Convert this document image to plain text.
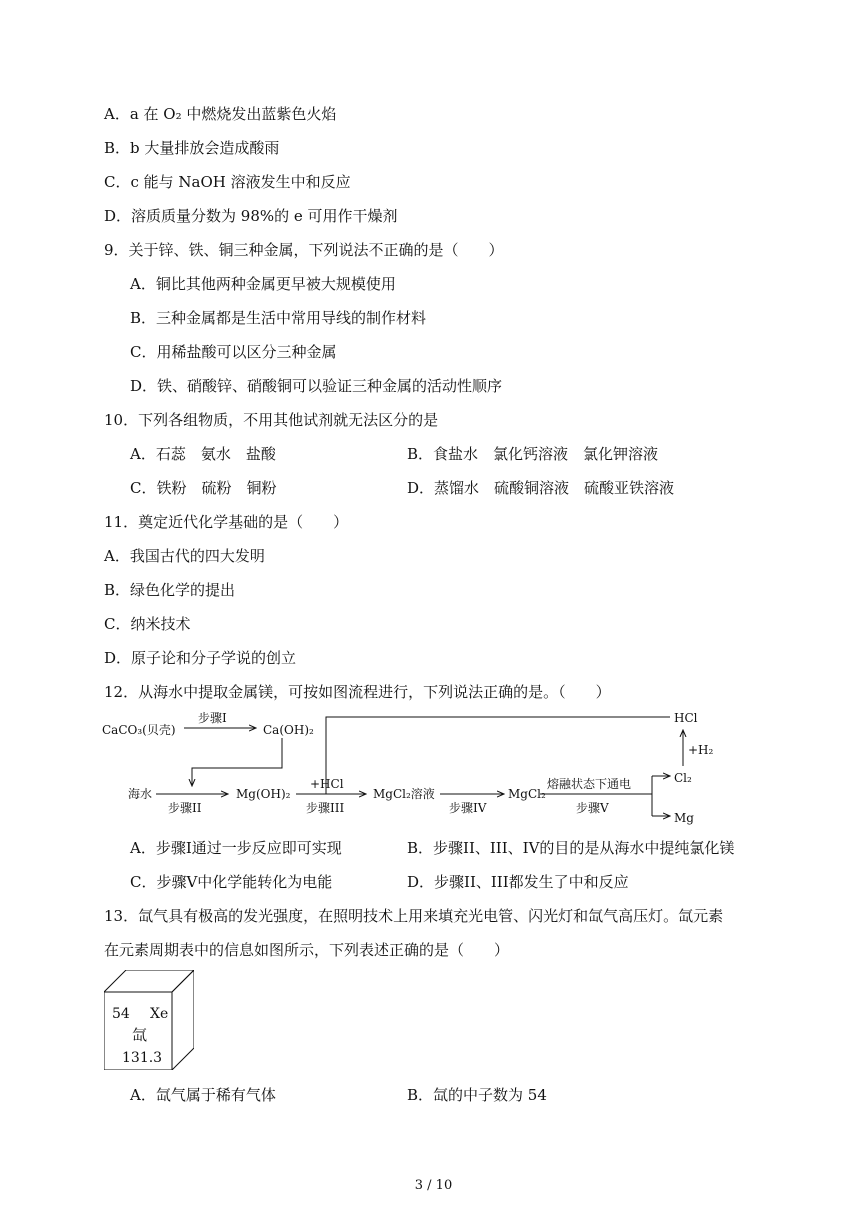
A．a 在 O₂ 中燃烧发出蓝紫色火焰
B．b 大量排放会造成酸雨
C．c 能与 NaOH 溶液发生中和反应
D．溶质质量分数为 98%的 e 可用作干燥剂
9．关于锌、铁、铜三种金属，下列说法不正确的是（　　）
A．铜比其他两种金属更早被大规模使用
B．三种金属都是生活中常用导线的制作材料
C．用稀盐酸可以区分三种金属
D．铁、硝酸锌、硝酸铜可以验证三种金属的活动性顺序
10．下列各组物质，不用其他试剂就无法区分的是
A．石蕊　氨水　盐酸	B．食盐水　氯化钙溶液　氯化钾溶液
C．铁粉　硫粉　铜粉	D．蒸馏水　硫酸铜溶液　硫酸亚铁溶液
11．奠定近代化学基础的是（　　）
A．我国古代的四大发明
B．绿色化学的提出
C．纳米技术
D．原子论和分子学说的创立
12．从海水中提取金属镁，可按如图流程进行，下列说法正确的是。（　　）
CaCO₃(贝壳)
步骤I
Ca(OH)₂
HCl
海水
步骤II
Mg(OH)₂
+HCl
步骤III
MgCl₂溶液
步骤IV
MgCl₂
熔融状态下通电
步骤V
Cl₂
Mg
+H₂
A．步骤I通过一步反应即可实现	B．步骤II、III、IV的目的是从海水中提纯氯化镁
C．步骤V中化学能转化为电能	D．步骤II、III都发生了中和反应
13．氙气具有极高的发光强度，在照明技术上用来填充光电管、闪光灯和氙气高压灯。氙元素
在元素周期表中的信息如图所示，下列表述正确的是（　　）
54 Xe
氙
131.3
A．氙气属于稀有气体	B．氙的中子数为 54
3 / 10
